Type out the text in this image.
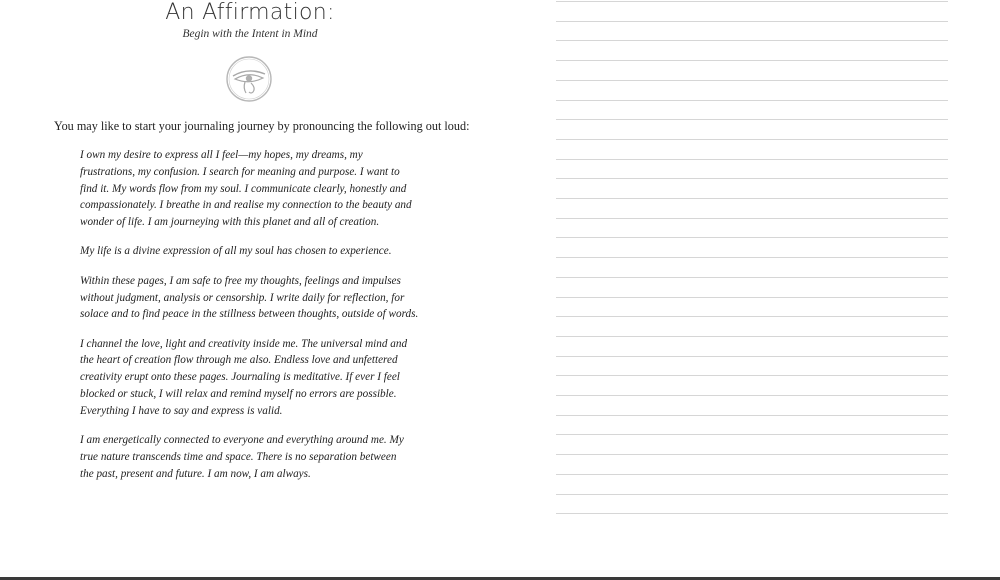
An Affirmation:
Begin with the Intent in Mind
You may like to start your journaling journey by pronouncing the following out loud:

I own my desire to express all I feel—my hopes, my dreams, my
frustrations, my confusion. I search for meaning and purpose. I want to
find it. My words flow from my soul. I communicate clearly, honestly and
compassionately. I breathe in and realise my connection to the beauty and
wonder of life. I am journeying with this planet and all of creation.

My life is a divine expression of all my soul has chosen to experience.

Within these pages, I am safe to free my thoughts, feelings and impulses
without judgment, analysis or censorship. I write daily for reflection, for
solace and to find peace in the stillness between thoughts, outside of words.

I channel the love, light and creativity inside me. The universal mind and
the heart of creation flow through me also. Endless love and unfettered
creativity erupt onto these pages. Journaling is meditative. If ever I feel
blocked or stuck, I will relax and remind myself no errors are possible.
Everything I have to say and express is valid.

I am energetically connected to everyone and everything around me. My
true nature transcends time and space. There is no separation between
the past, present and future. I am now, I am always.
